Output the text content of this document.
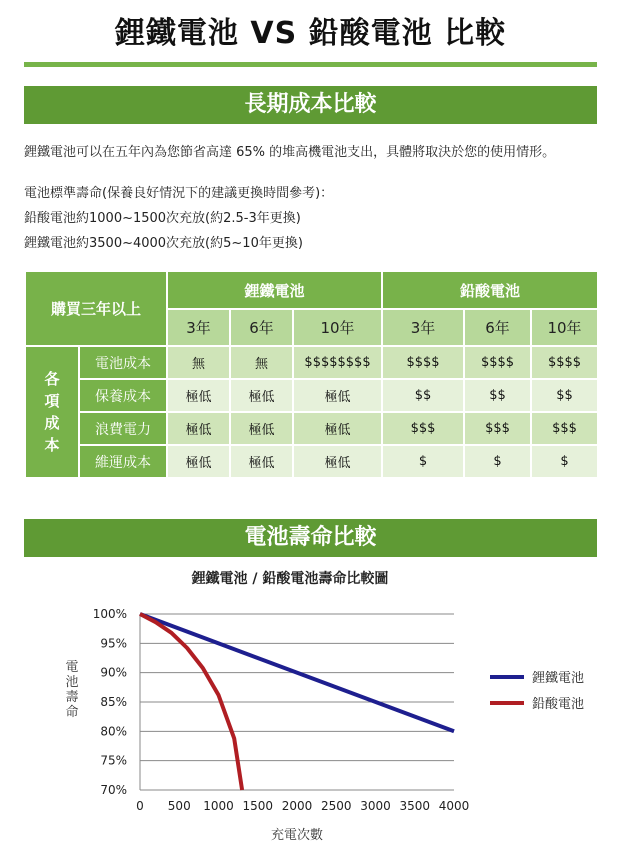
鋰鐵電池 VS 鉛酸電池 比較
長期成本比較
鋰鐵電池可以在五年內為您節省高達 65% 的堆高機電池支出，具體將取決於您的使用情形。
電池標準壽命(保養良好情況下的建議更換時間參考)：
鉛酸電池約1000~1500次充放(約2.5-3年更換)
鋰鐵電池約3500~4000次充放(約5~10年更換)
購買三年以上		鋰鐵電池			鉛酸電池		
		3年	6年	10年	3年	6年	10年
各項成本	電池成本	無	無	$$$$$$$$	$$$$	$$$$	$$$$
	保養成本	極低	極低	極低	$$	$$	$$
	浪費電力	極低	極低	極低	$$$	$$$	$$$
	維運成本	極低	極低	極低	$	$	$
電池壽命比較
鋰鐵電池 / 鉛酸電池壽命比較圖
100%
95%
90%
85%
80%
75%
70%
0 500 1000 1500 2000 2500 3000 3500 4000
電池壽命
充電次數
鋰鐵電池
鉛酸電池
